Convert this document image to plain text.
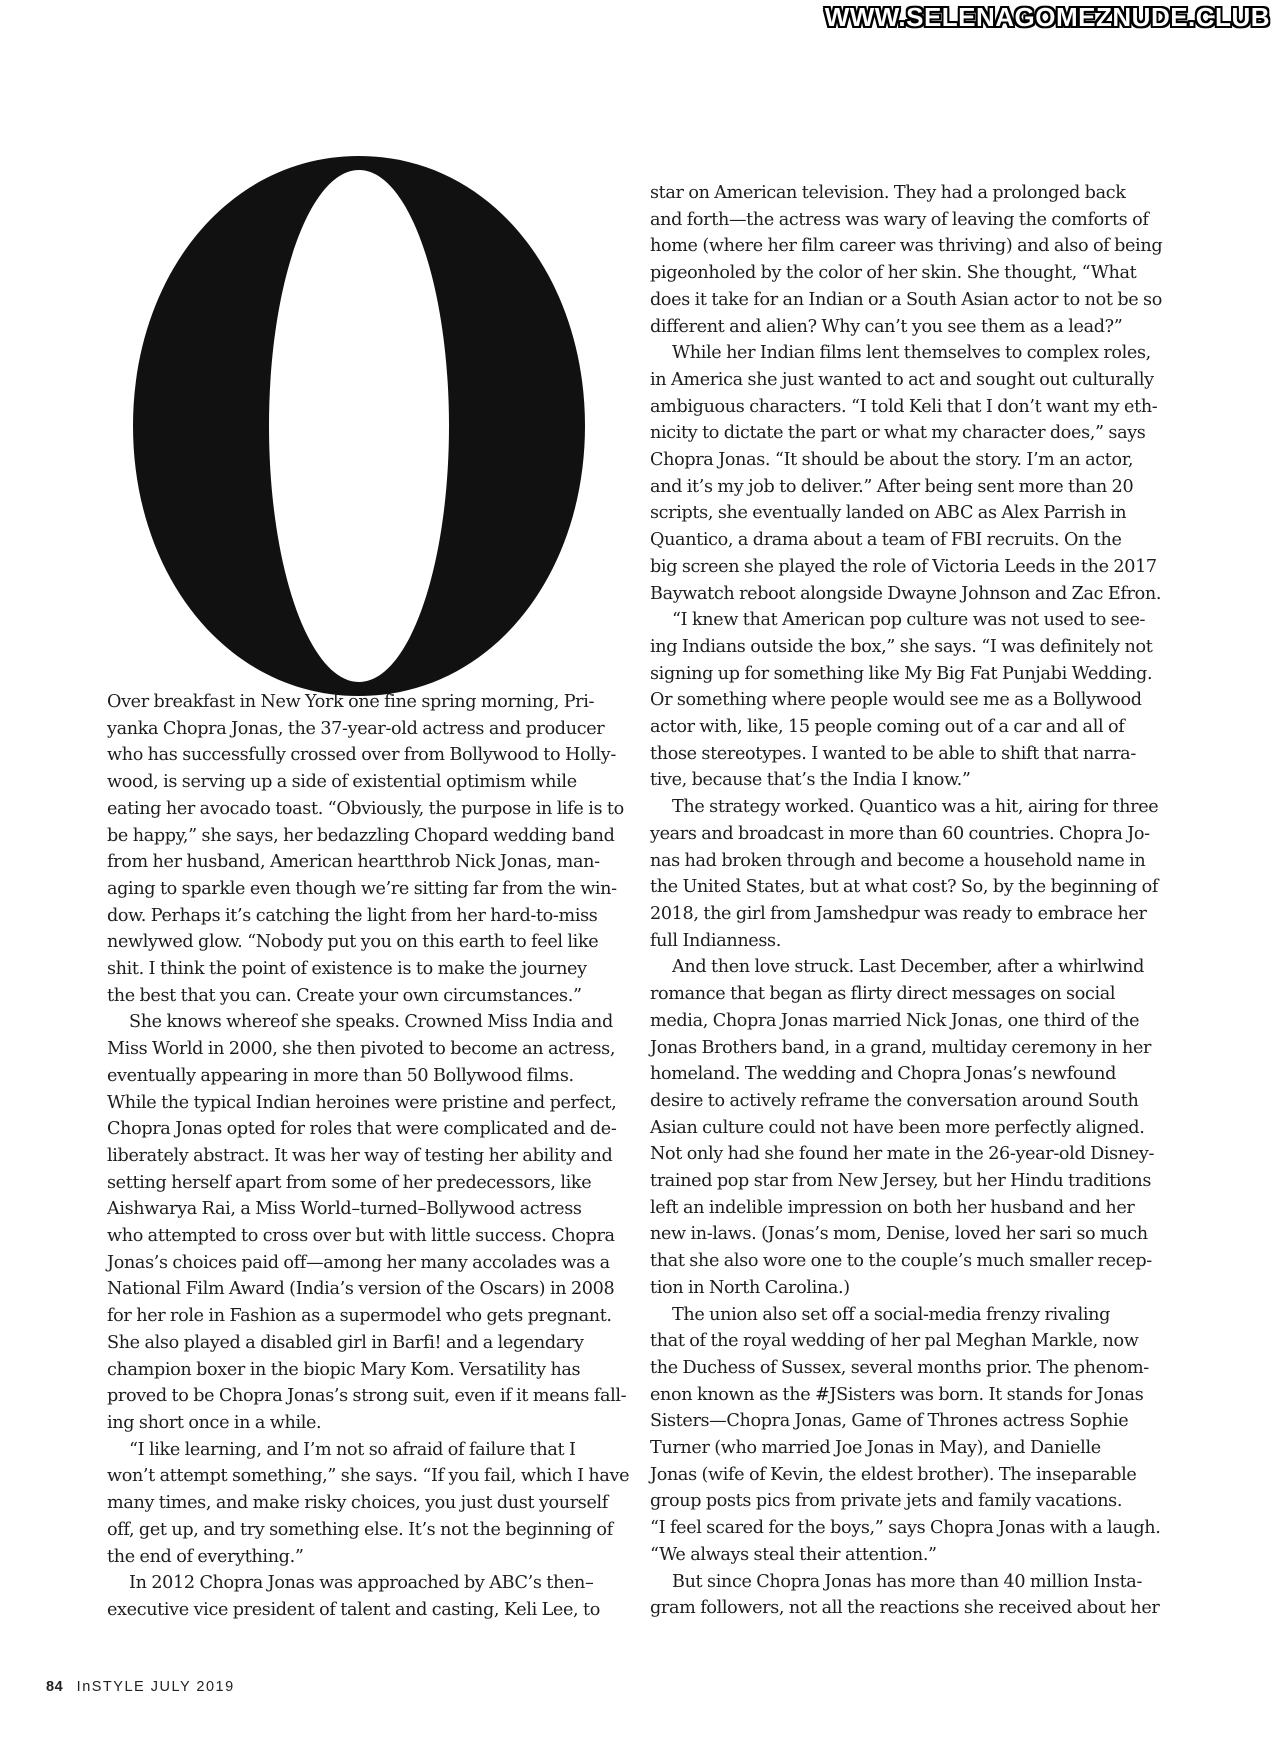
WWW.SELENAGOMEZNUDE.CLUB

Over breakfast in New York one fine spring morning, Pri-
yanka Chopra Jonas, the 37-year-old actress and producer
who has successfully crossed over from Bollywood to Holly-
wood, is serving up a side of existential optimism while
eating her avocado toast. “Obviously, the purpose in life is to
be happy,” she says, her bedazzling Chopard wedding band
from her husband, American heartthrob Nick Jonas, man-
aging to sparkle even though we’re sitting far from the win-
dow. Perhaps it’s catching the light from her hard-to-miss
newlywed glow. “Nobody put you on this earth to feel like
shit. I think the point of existence is to make the journey
the best that you can. Create your own circumstances.”

She knows whereof she speaks. Crowned Miss India and
Miss World in 2000, she then pivoted to become an actress,
eventually appearing in more than 50 Bollywood films.
While the typical Indian heroines were pristine and perfect,
Chopra Jonas opted for roles that were complicated and de-
liberately abstract. It was her way of testing her ability and
setting herself apart from some of her predecessors, like
Aishwarya Rai, a Miss World–turned–Bollywood actress
who attempted to cross over but with little success. Chopra
Jonas’s choices paid off—among her many accolades was a
National Film Award (India’s version of the Oscars) in 2008
for her role in Fashion as a supermodel who gets pregnant.
She also played a disabled girl in Barfi! and a legendary
champion boxer in the biopic Mary Kom. Versatility has
proved to be Chopra Jonas’s strong suit, even if it means fall-
ing short once in a while.

“I like learning, and I’m not so afraid of failure that I
won’t attempt something,” she says. “If you fail, which I have
many times, and make risky choices, you just dust yourself
off, get up, and try something else. It’s not the beginning of
the end of everything.”

In 2012 Chopra Jonas was approached by ABC’s then–
executive vice president of talent and casting, Keli Lee, to

star on American television. They had a prolonged back
and forth—the actress was wary of leaving the comforts of
home (where her film career was thriving) and also of being
pigeonholed by the color of her skin. She thought, “What
does it take for an Indian or a South Asian actor to not be so
different and alien? Why can’t you see them as a lead?”

While her Indian films lent themselves to complex roles,
in America she just wanted to act and sought out culturally
ambiguous characters. “I told Keli that I don’t want my eth-
nicity to dictate the part or what my character does,” says
Chopra Jonas. “It should be about the story. I’m an actor,
and it’s my job to deliver.” After being sent more than 20
scripts, she eventually landed on ABC as Alex Parrish in
Quantico, a drama about a team of FBI recruits. On the
big screen she played the role of Victoria Leeds in the 2017
Baywatch reboot alongside Dwayne Johnson and Zac Efron.

“I knew that American pop culture was not used to see-
ing Indians outside the box,” she says. “I was definitely not
signing up for something like My Big Fat Punjabi Wedding.
Or something where people would see me as a Bollywood
actor with, like, 15 people coming out of a car and all of
those stereotypes. I wanted to be able to shift that narra-
tive, because that’s the India I know.”

The strategy worked. Quantico was a hit, airing for three
years and broadcast in more than 60 countries. Chopra Jo-
nas had broken through and become a household name in
the United States, but at what cost? So, by the beginning of
2018, the girl from Jamshedpur was ready to embrace her
full Indianness.

And then love struck. Last December, after a whirlwind
romance that began as flirty direct messages on social
media, Chopra Jonas married Nick Jonas, one third of the
Jonas Brothers band, in a grand, multiday ceremony in her
homeland. The wedding and Chopra Jonas’s newfound
desire to actively reframe the conversation around South
Asian culture could not have been more perfectly aligned.
Not only had she found her mate in the 26-year-old Disney-
trained pop star from New Jersey, but her Hindu traditions
left an indelible impression on both her husband and her
new in-laws. (Jonas’s mom, Denise, loved her sari so much
that she also wore one to the couple’s much smaller recep-
tion in North Carolina.)

The union also set off a social-media frenzy rivaling
that of the royal wedding of her pal Meghan Markle, now
the Duchess of Sussex, several months prior. The phenom-
enon known as the #JSisters was born. It stands for Jonas
Sisters—Chopra Jonas, Game of Thrones actress Sophie
Turner (who married Joe Jonas in May), and Danielle
Jonas (wife of Kevin, the eldest brother). The inseparable
group posts pics from private jets and family vacations.
“I feel scared for the boys,” says Chopra Jonas with a laugh.
“We always steal their attention.”

But since Chopra Jonas has more than 40 million Insta-
gram followers, not all the reactions she received about her

84 InSTYLE JULY 2019
